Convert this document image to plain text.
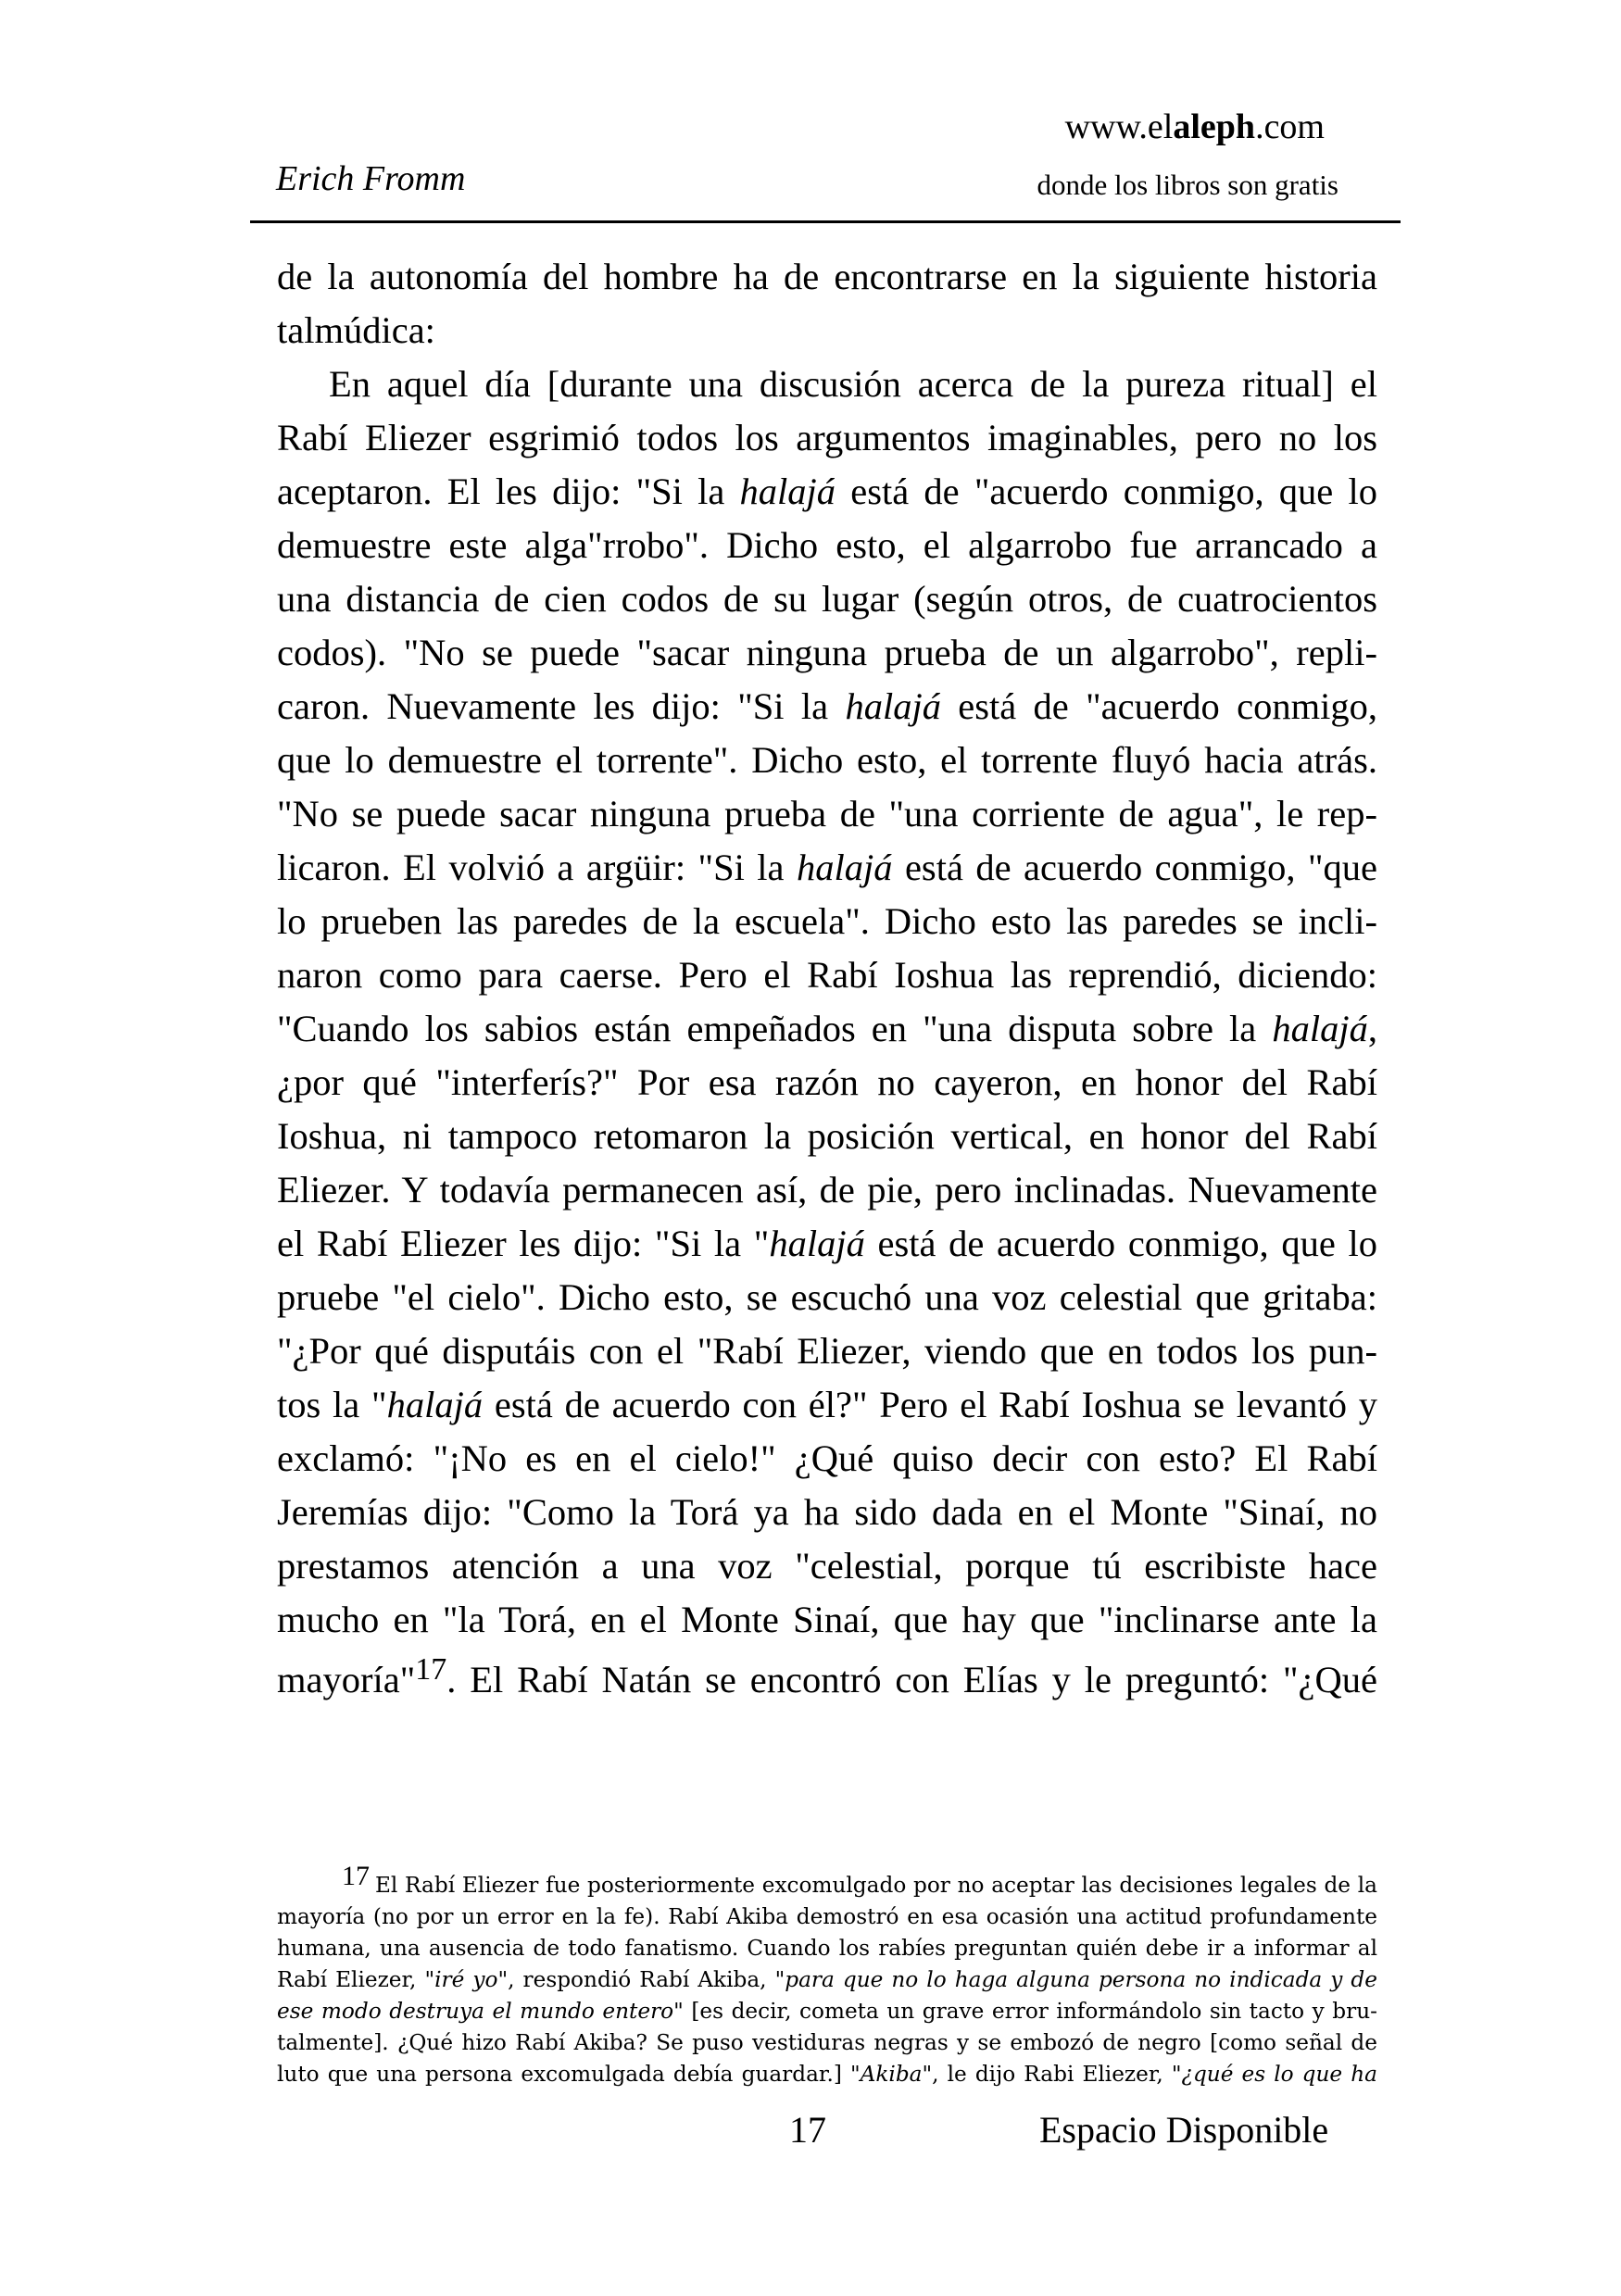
www.elaleph.com
Erich Fromm	donde los libros son gratis
de la autonomía del hombre ha de encontrarse en la siguiente historia
talmúdica:
En aquel día [durante una discusión acerca de la pureza ritual] el
Rabí Eliezer esgrimió todos los argumentos imaginables, pero no los
aceptaron. El les dijo: "Si la halajá está de "acuerdo conmigo, que lo
demuestre este alga"rrobo". Dicho esto, el algarrobo fue arrancado a
una distancia de cien codos de su lugar (según otros, de cuatrocientos
codos). "No se puede "sacar ninguna prueba de un algarrobo", repli-
caron. Nuevamente les dijo: "Si la halajá está de "acuerdo conmigo,
que lo demuestre el torrente". Dicho esto, el torrente fluyó hacia atrás.
"No se puede sacar ninguna prueba de "una corriente de agua", le rep-
licaron. El volvió a argüir: "Si la halajá está de acuerdo conmigo, "que
lo prueben las paredes de la escuela". Dicho esto las paredes se incli-
naron como para caerse. Pero el Rabí Ioshua las reprendió, diciendo:
"Cuando los sabios están empeñados en "una disputa sobre la halajá,
¿por qué "interferís?" Por esa razón no cayeron, en honor del Rabí
Ioshua, ni tampoco retomaron la posición vertical, en honor del Rabí
Eliezer. Y todavía permanecen así, de pie, pero inclinadas. Nuevamente
el Rabí Eliezer les dijo: "Si la "halajá está de acuerdo conmigo, que lo
pruebe "el cielo". Dicho esto, se escuchó una voz celestial que gritaba:
"¿Por qué disputáis con el "Rabí Eliezer, viendo que en todos los pun-
tos la "halajá está de acuerdo con él?" Pero el Rabí Ioshua se levantó y
exclamó: "¡No es en el cielo!" ¿Qué quiso decir con esto? El Rabí
Jeremías dijo: "Como la Torá ya ha sido dada en el Monte "Sinaí, no
prestamos atención a una voz "celestial, porque tú escribiste hace
mucho en "la Torá, en el Monte Sinaí, que hay que "inclinarse ante la
mayoría"$^{17}$. El Rabí Natán se encontró con Elías y le preguntó: "¿Qué
17 El Rabí Eliezer fue posteriormente excomulgado por no aceptar las decisiones legales de la
mayoría (no por un error en la fe). Rabí Akiba demostró en esa ocasión una actitud profundamente
humana, una ausencia de todo fanatismo. Cuando los rabíes preguntan quién debe ir a informar al
Rabí Eliezer, "iré yo", respondió Rabí Akiba, "para que no lo haga alguna persona no indicada y de
ese modo destruya el mundo entero" [es decir, cometa un grave error informándolo sin tacto y bru-
talmente]. ¿Qué hizo Rabí Akiba? Se puso vestiduras negras y se embozó de negro [como señal de
luto que una persona excomulgada debía guardar.] "Akiba", le dijo Rabi Eliezer, "¿qué es lo que ha
17	Espacio Disponible
